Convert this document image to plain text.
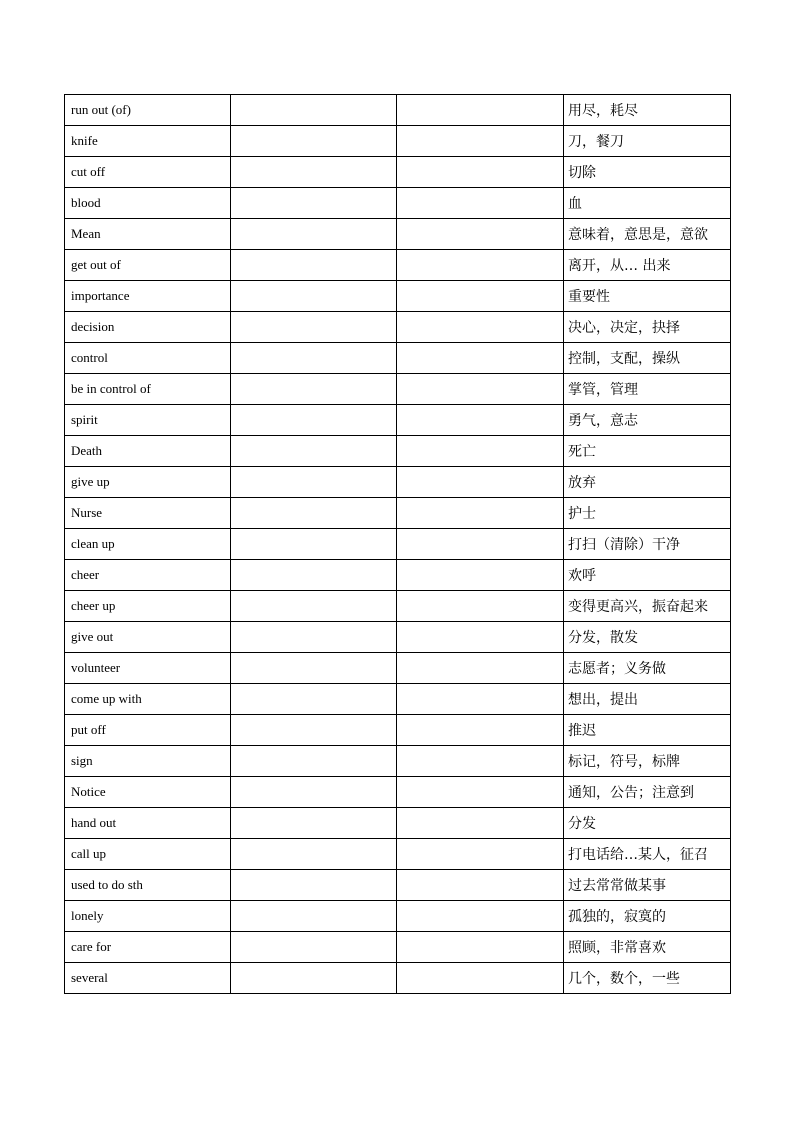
run out (of)			用尽，耗尽
knife			刀，餐刀
cut off			切除
blood			血
Mean			意味着，意思是，意欲
get out of			离开，从… 出来
importance			重要性
decision			决心，决定，抉择
control			控制，支配，操纵
be in control of			掌管，管理
spirit			勇气，意志
Death			死亡
give up			放弃
Nurse			护士
clean up			打扫（清除）干净
cheer			欢呼
cheer up			变得更高兴，振奋起来
give out			分发，散发
volunteer			志愿者；义务做
come up with			想出，提出
put off			推迟
sign			标记，符号，标牌
Notice			通知，公告；注意到
hand out			分发
call up			打电话给…某人，征召
used to do sth			过去常常做某事
lonely			孤独的，寂寞的
care for			照顾，非常喜欢
several			几个，数个，一些
